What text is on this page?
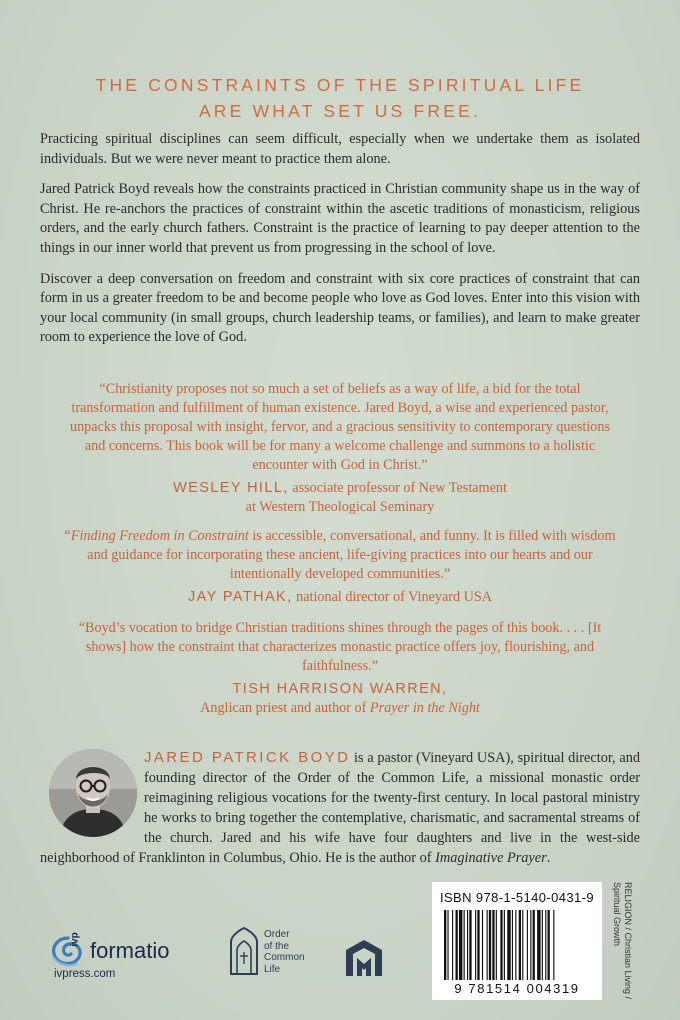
THE CONSTRAINTS OF THE SPIRITUAL LIFE
ARE WHAT SET US FREE.

Practicing spiritual disciplines can seem difficult, especially when we undertake them as isolated individuals. But we were never meant to practice them alone.

Jared Patrick Boyd reveals how the constraints practiced in Christian community shape us in the way of Christ. He re-anchors the practices of constraint within the ascetic traditions of monasticism, religious orders, and the early church fathers. Constraint is the practice of learning to pay deeper attention to the things in our inner world that prevent us from progressing in the school of love.

Discover a deep conversation on freedom and constraint with six core practices of constraint that can form in us a greater freedom to be and become people who love as God loves. Enter into this vision with your local community (in small groups, church leadership teams, or families), and learn to make greater room to experience the love of God.

“Christianity proposes not so much a set of beliefs as a way of life, a bid for the total transformation and fulfillment of human existence. Jared Boyd, a wise and experienced pastor, unpacks this proposal with insight, fervor, and a gracious sensitivity to contemporary questions and concerns. This book will be for many a welcome challenge and summons to a holistic encounter with God in Christ.”

WESLEY HILL, associate professor of New Testament
at Western Theological Seminary

“Finding Freedom in Constraint is accessible, conversational, and funny. It is filled with wisdom and guidance for incorporating these ancient, life-giving practices into our hearts and our intentionally developed communities.”

JAY PATHAK, national director of Vineyard USA

“Boyd’s vocation to bridge Christian traditions shines through the pages of this book. . . . [It shows] how the constraint that characterizes monastic practice offers joy, flourishing, and faithfulness.”

TISH HARRISON WARREN,
Anglican priest and author of Prayer in the Night

JARED PATRICK BOYD is a pastor (Vineyard USA), spiritual director, and founding director of the Order of the Common Life, a missional monastic order reimagining religious vocations for the twenty-first century. In local pastoral ministry he works to bring together the contemplative, charismatic, and sacramental streams of the church. Jared and his wife have four daughters and live in the west-side neighborhood of Franklinton in Columbus, Ohio. He is the author of Imaginative Prayer.
ivp formatio
ivpress.com
Order
of the
Common
Life
ISBN 978-1-5140-0431-9
9 781514 004319	RELIGION / Christian Living /
Spiritual Growth
